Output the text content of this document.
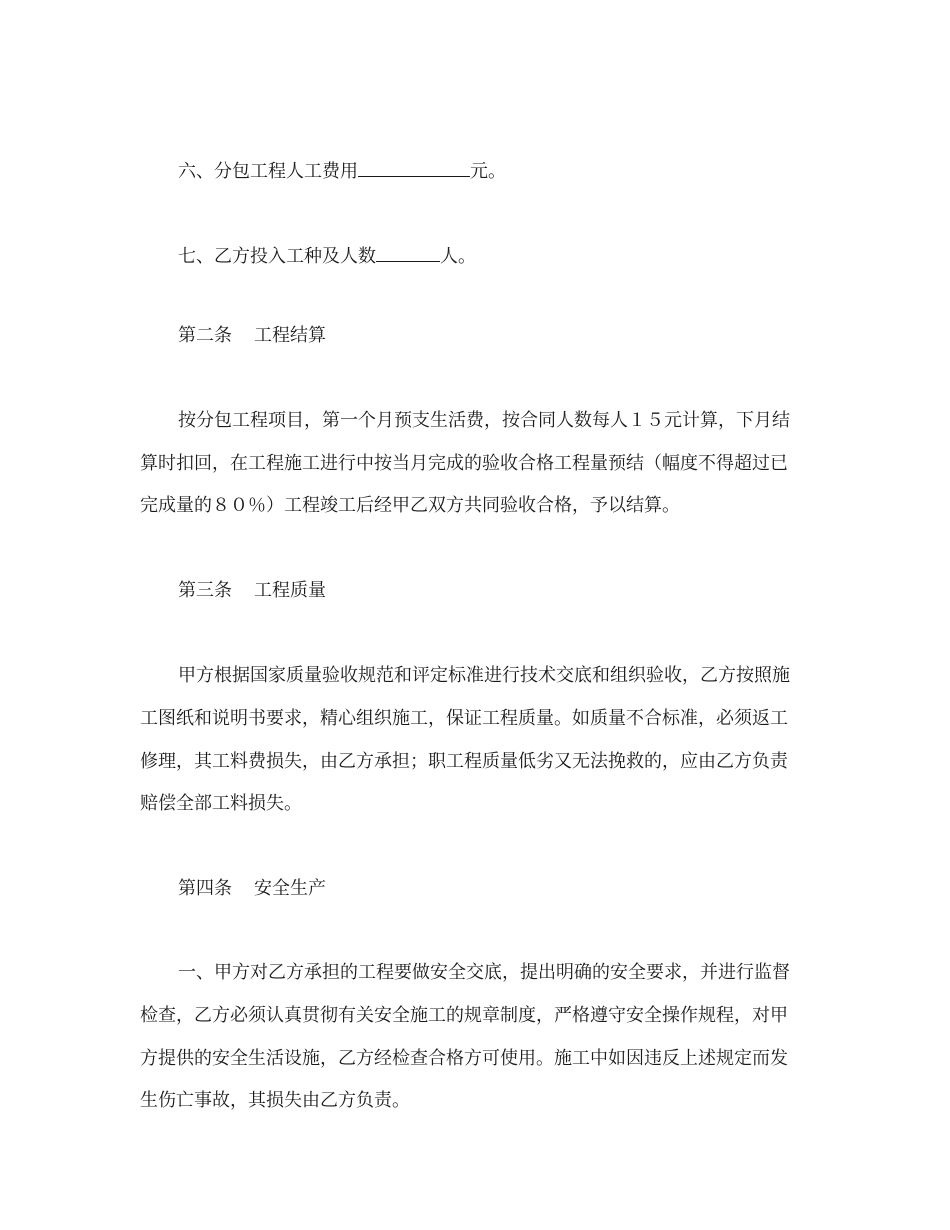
六、分包工程人工费用	元。
七、乙方投入工种及人数	人。
第二条 工程结算
按分包工程项目，第一个月预支生活费，按合同人数每人１５元计算，下月结
算时扣回，在工程施工进行中按当月完成的验收合格工程量预结（幅度不得超过已
完成量的８０％）工程竣工后经甲乙双方共同验收合格，予以结算。
第三条 工程质量
甲方根据国家质量验收规范和评定标准进行技术交底和组织验收，乙方按照施
工图纸和说明书要求，精心组织施工，保证工程质量。如质量不合标准，必须返工
修理，其工料费损失，由乙方承担；职工程质量低劣又无法挽救的，应由乙方负责
赔偿全部工料损失。
第四条 安全生产
一、甲方对乙方承担的工程要做安全交底，提出明确的安全要求，并进行监督
检查，乙方必须认真贯彻有关安全施工的规章制度，严格遵守安全操作规程，对甲
方提供的安全生活设施，乙方经检查合格方可使用。施工中如因违反上述规定而发
生伤亡事故，其损失由乙方负责。
